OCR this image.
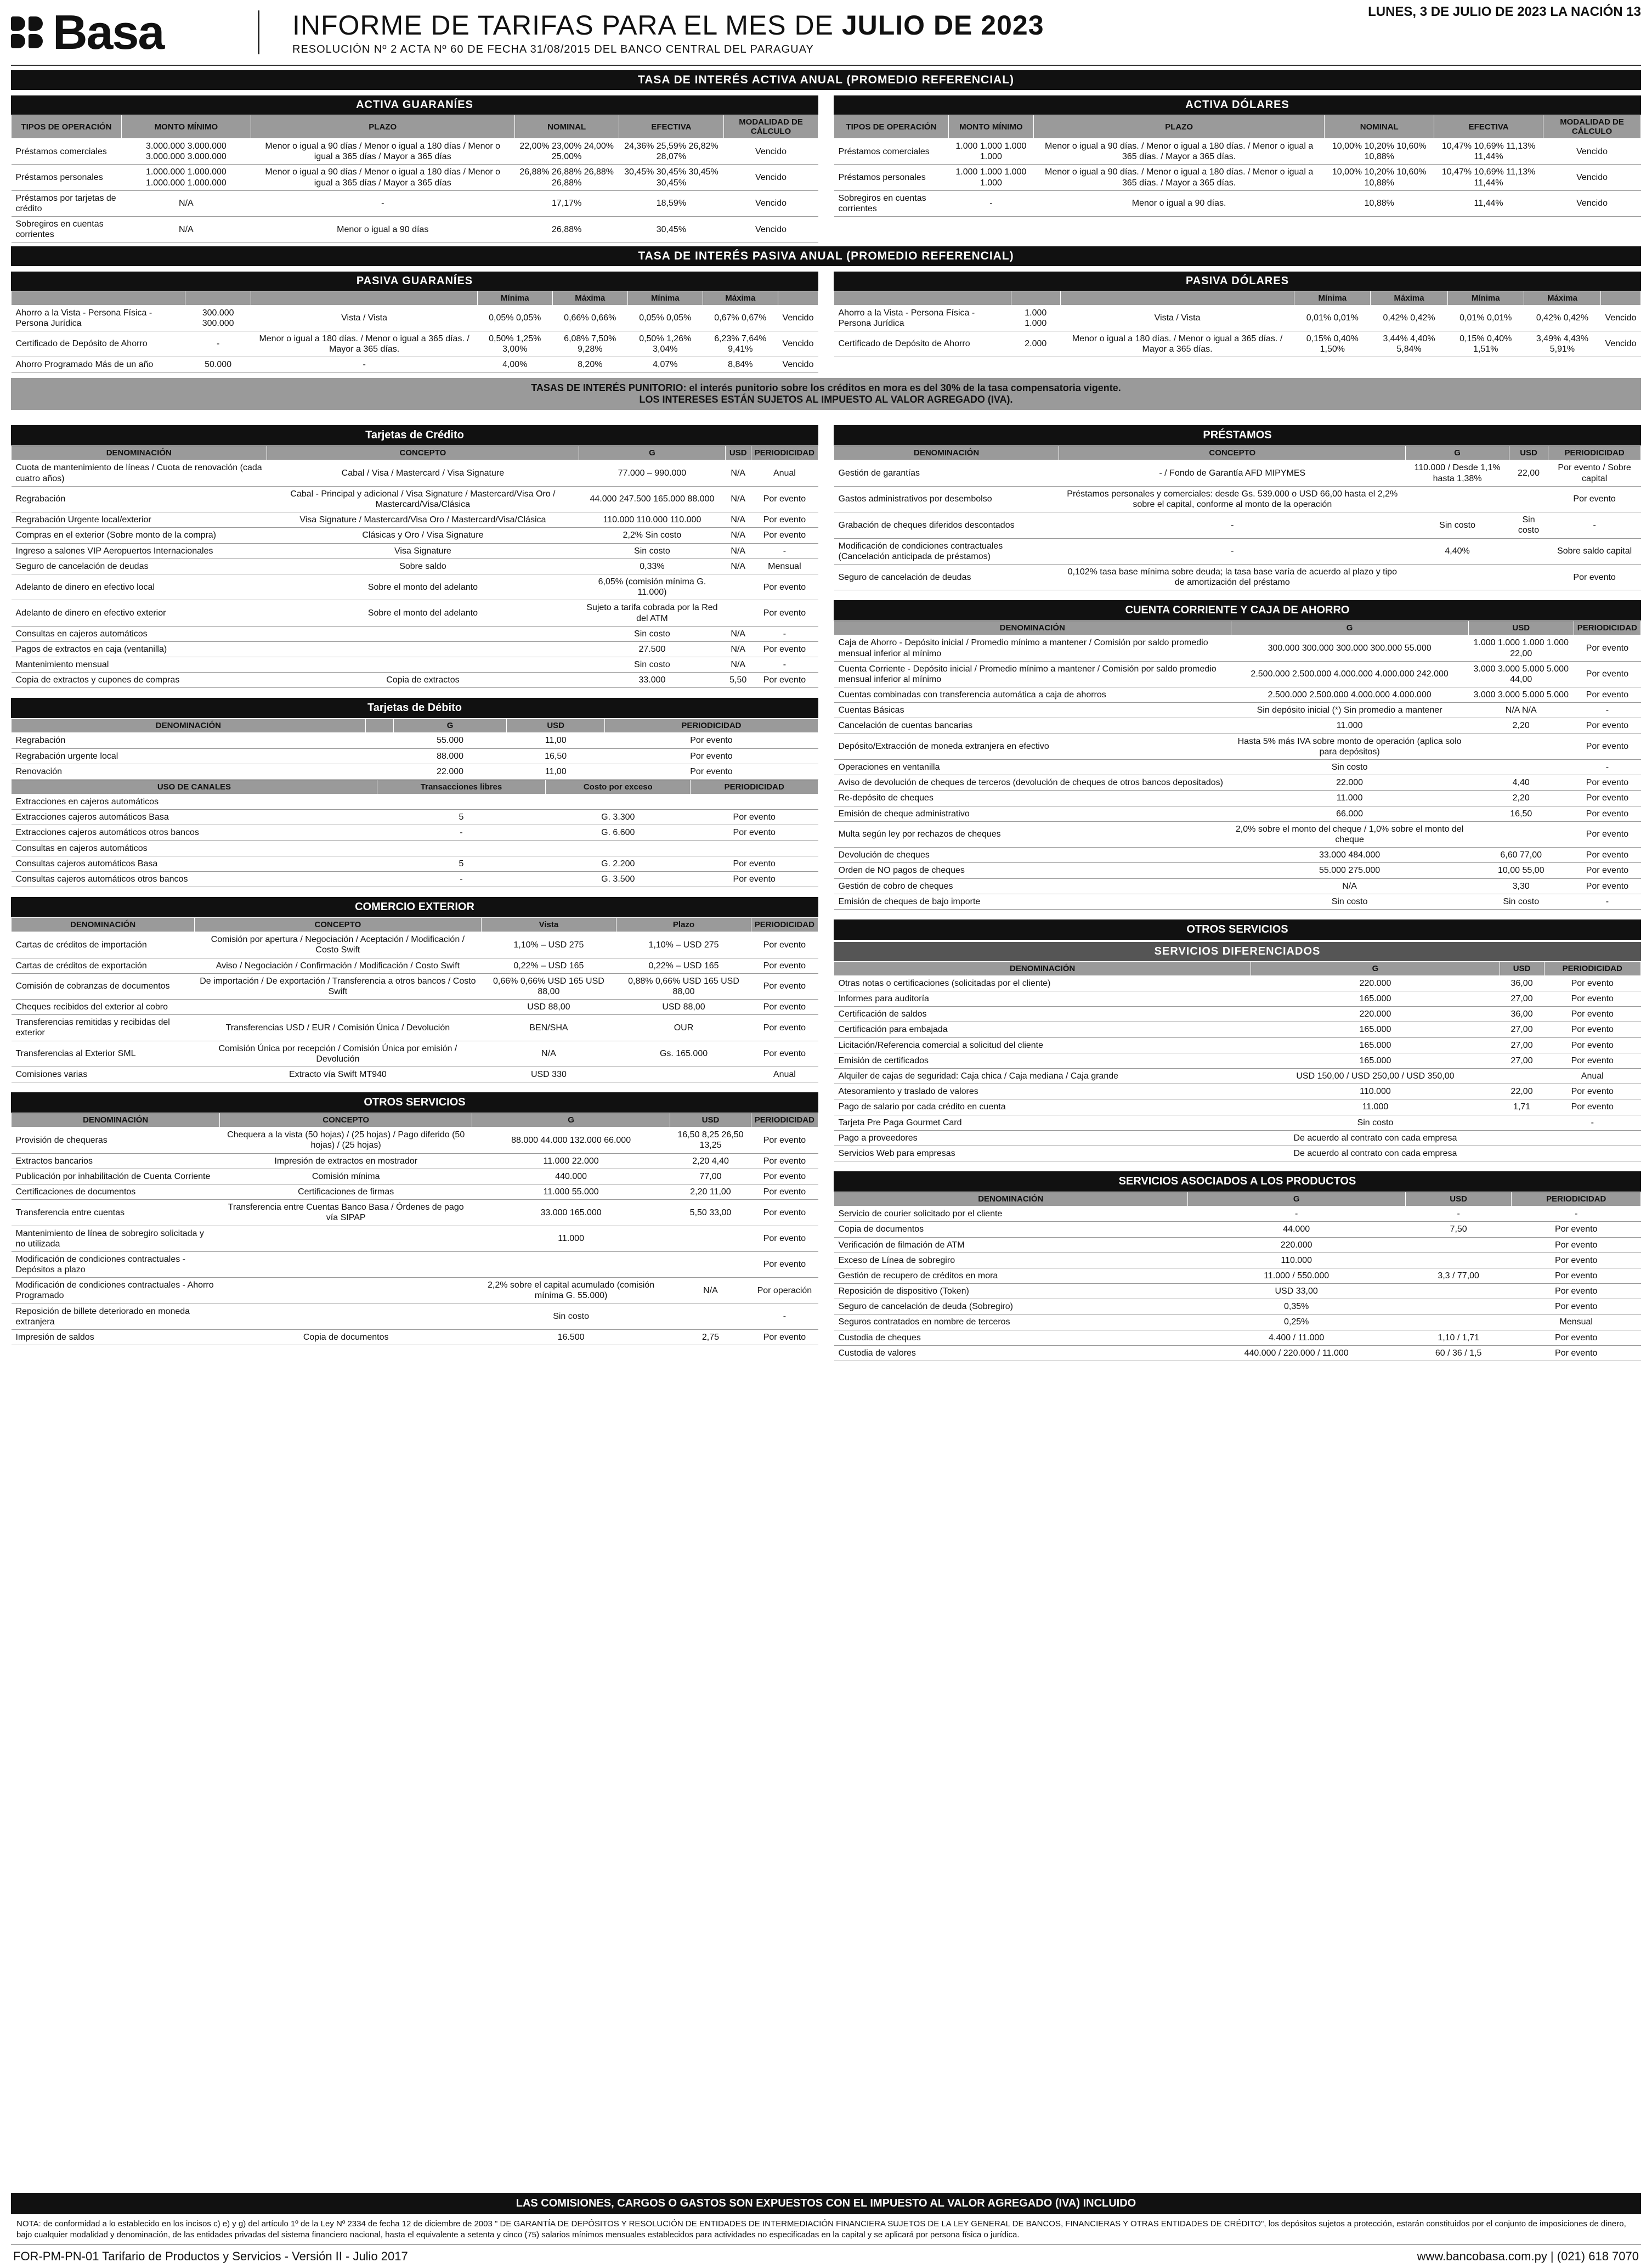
Basa	INFORME DE TARIFAS PARA EL MES DE JULIO DE 2023
RESOLUCIÓN Nº 2 ACTA Nº 60 DE FECHA 31/08/2015 DEL BANCO CENTRAL DEL PARAGUAY
LUNES, 3 DE JULIO DE 2023 LA NACIÓN 13
TASA DE INTERÉS ACTIVA ANUAL (PROMEDIO REFERENCIAL)
ACTIVA GUARANÍES
TIPOS DE OPERACIÓN	MONTO MÍNIMO	PLAZO	NOMINAL	EFECTIVA	MODALIDAD DE CÁLCULO
Préstamos comerciales	3.000.000 3.000.000 3.000.000 3.000.000	Menor o igual a 90 días / Menor o igual a 180 días / Menor o igual a 365 días / Mayor a 365 días	22,00% 23,00% 24,00% 25,00%	24,36% 25,59% 26,82% 28,07%	Vencido
Préstamos personales	1.000.000 1.000.000 1.000.000 1.000.000	Menor o igual a 90 días / Menor o igual a 180 días / Menor o igual a 365 días / Mayor a 365 días	26,88% 26,88% 26,88% 26,88%	30,45% 30,45% 30,45% 30,45%	Vencido
Préstamos por tarjetas de crédito	N/A	-	17,17%	18,59%	Vencido
Sobregiros en cuentas corrientes	N/A	Menor o igual a 90 días	26,88%	30,45%	Vencido
ACTIVA DÓLARES
TIPOS DE OPERACIÓN	MONTO MÍNIMO	PLAZO	NOMINAL	EFECTIVA	MODALIDAD DE CÁLCULO
Préstamos comerciales	1.000 1.000 1.000 1.000	Menor o igual a 90 días. / Menor o igual a 180 días. / Menor o igual a 365 días. / Mayor a 365 días.	10,00% 10,20% 10,60% 10,88%	10,47% 10,69% 11,13% 11,44%	Vencido
Préstamos personales	1.000 1.000 1.000 1.000	Menor o igual a 90 días. / Menor o igual a 180 días. / Menor o igual a 365 días. / Mayor a 365 días.	10,00% 10,20% 10,60% 10,88%	10,47% 10,69% 11,13% 11,44%	Vencido
Sobregiros en cuentas corrientes	-	Menor o igual a 90 días.	10,88%	11,44%	Vencido
TASA DE INTERÉS PASIVA ANUAL (PROMEDIO REFERENCIAL)
PASIVA GUARANÍES
			Mínima	Máxima	Mínima	Máxima	
Ahorro a la Vista - Persona Física - Persona Jurídica	300.000 300.000	Vista / Vista	0,05% 0,05%	0,66% 0,66%	0,05% 0,05%	0,67% 0,67%	Vencido
Certificado de Depósito de Ahorro	-	Menor o igual a 180 días. / Menor o igual a 365 días. / Mayor a 365 días.	0,50% 1,25% 3,00%	6,08% 7,50% 9,28%	0,50% 1,26% 3,04%	6,23% 7,64% 9,41%	Vencido
Ahorro Programado Más de un año	50.000	-	4,00%	8,20%	4,07%	8,84%	Vencido
PASIVA DÓLARES
			Mínima	Máxima	Mínima	Máxima	
Ahorro a la Vista - Persona Física - Persona Jurídica	1.000 1.000	Vista / Vista	0,01% 0,01%	0,42% 0,42%	0,01% 0,01%	0,42% 0,42%	Vencido
Certificado de Depósito de Ahorro	2.000	Menor o igual a 180 días. / Menor o igual a 365 días. / Mayor a 365 días.	0,15% 0,40% 1,50%	3,44% 4,40% 5,84%	0,15% 0,40% 1,51%	3,49% 4,43% 5,91%	Vencido
TASAS DE INTERÉS PUNITORIO: el interés punitorio sobre los créditos en mora es del 30% de la tasa compensatoria vigente.
LOS INTERESES ESTÁN SUJETOS AL IMPUESTO AL VALOR AGREGADO (IVA).
Tarjetas de Crédito
DENOMINACIÓN	CONCEPTO	G	USD	PERIODICIDAD
Cuota de mantenimiento de líneas / Cuota de renovación (cada cuatro años)	Cabal / Visa / Mastercard / Visa Signature	77.000 – 990.000	N/A	Anual
Regrabación	Cabal - Principal y adicional / Visa Signature / Mastercard/Visa Oro / Mastercard/Visa/Clásica	44.000 247.500 165.000 88.000	N/A	Por evento
Regrabación Urgente local/exterior	Visa Signature / Mastercard/Visa Oro / Mastercard/Visa/Clásica	110.000 110.000 110.000	N/A	Por evento
Compras en el exterior (Sobre monto de la compra)	Clásicas y Oro / Visa Signature	2,2% Sin costo	N/A	Por evento
Ingreso a salones VIP Aeropuertos Internacionales	Visa Signature	Sin costo	N/A	-
Seguro de cancelación de deudas	Sobre saldo	0,33%	N/A	Mensual
Adelanto de dinero en efectivo local	Sobre el monto del adelanto	6,05% (comisión mínima G. 11.000)		Por evento
Adelanto de dinero en efectivo exterior	Sobre el monto del adelanto	Sujeto a tarifa cobrada por la Red del ATM		Por evento
Consultas en cajeros automáticos		Sin costo	N/A	-
Pagos de extractos en caja (ventanilla)		27.500	N/A	Por evento
Mantenimiento mensual		Sin costo	N/A	-
Copia de extractos y cupones de compras	Copia de extractos	33.000	5,50	Por evento
Tarjetas de Débito
DENOMINACIÓN		G	USD	PERIODICIDAD
Regrabación		55.000	11,00	Por evento
Regrabación urgente local		88.000	16,50	Por evento
Renovación		22.000	11,00	Por evento
USO DE CANALES	Transacciones libres	Costo por exceso	PERIODICIDAD
Extracciones en cajeros automáticos			
Extracciones cajeros automáticos Basa	5	G. 3.300	Por evento
Extracciones cajeros automáticos otros bancos	-	G. 6.600	Por evento
Consultas en cajeros automáticos			
Consultas cajeros automáticos Basa	5	G. 2.200	Por evento
Consultas cajeros automáticos otros bancos	-	G. 3.500	Por evento
COMERCIO EXTERIOR
DENOMINACIÓN	CONCEPTO	Vista	Plazo	PERIODICIDAD
Cartas de créditos de importación	Comisión por apertura / Negociación / Aceptación / Modificación / Costo Swift	1,10% – USD 275	1,10% – USD 275	Por evento
Cartas de créditos de exportación	Aviso / Negociación / Confirmación / Modificación / Costo Swift	0,22% – USD 165	0,22% – USD 165	Por evento
Comisión de cobranzas de documentos	De importación / De exportación / Transferencia a otros bancos / Costo Swift	0,66% 0,66% USD 165 USD 88,00	0,88% 0,66% USD 165 USD 88,00	Por evento
Cheques recibidos del exterior al cobro		USD 88,00	USD 88,00	Por evento
Transferencias remitidas y recibidas del exterior	Transferencias USD / EUR / Comisión Única / Devolución	BEN/SHA	OUR	Por evento
Transferencias al Exterior SML	Comisión Única por recepción / Comisión Única por emisión / Devolución	N/A	Gs. 165.000	Por evento
Comisiones varias	Extracto vía Swift MT940	USD 330		Anual
OTROS SERVICIOS
DENOMINACIÓN	CONCEPTO	G	USD	PERIODICIDAD
Provisión de chequeras	Chequera a la vista (50 hojas) / (25 hojas) / Pago diferido (50 hojas) / (25 hojas)	88.000 44.000 132.000 66.000	16,50 8,25 26,50 13,25	Por evento
Extractos bancarios	Impresión de extractos en mostrador	11.000 22.000	2,20 4,40	Por evento
Publicación por inhabilitación de Cuenta Corriente	Comisión mínima	440.000	77,00	Por evento
Certificaciones de documentos	Certificaciones de firmas	11.000 55.000	2,20 11,00	Por evento
Transferencia entre cuentas	Transferencia entre Cuentas Banco Basa / Órdenes de pago vía SIPAP	33.000 165.000	5,50 33,00	Por evento
Mantenimiento de línea de sobregiro solicitada y no utilizada		11.000		Por evento
Modificación de condiciones contractuales - Depósitos a plazo				Por evento
Modificación de condiciones contractuales - Ahorro Programado		2,2% sobre el capital acumulado (comisión mínima G. 55.000)	N/A	Por operación
Reposición de billete deteriorado en moneda extranjera		Sin costo		-
Impresión de saldos	Copia de documentos	16.500	2,75	Por evento
PRÉSTAMOS
DENOMINACIÓN	CONCEPTO	G	USD	PERIODICIDAD
Gestión de garantías	- / Fondo de Garantía AFD MIPYMES	110.000 / Desde 1,1% hasta 1,38%	22,00	Por evento / Sobre capital
Gastos administrativos por desembolso	Préstamos personales y comerciales: desde Gs. 539.000 o USD 66,00 hasta el 2,2% sobre el capital, conforme al monto de la operación			Por evento
Grabación de cheques diferidos descontados	-	Sin costo	Sin costo	-
Modificación de condiciones contractuales (Cancelación anticipada de préstamos)	-	4,40%		Sobre saldo capital
Seguro de cancelación de deudas	0,102% tasa base mínima sobre deuda; la tasa base varía de acuerdo al plazo y tipo de amortización del préstamo			Por evento
CUENTA CORRIENTE Y CAJA DE AHORRO
DENOMINACIÓN	G	USD	PERIODICIDAD
Caja de Ahorro - Depósito inicial / Promedio mínimo a mantener / Comisión por saldo promedio mensual inferior al mínimo	300.000 300.000 300.000 300.000 55.000	1.000 1.000 1.000 1.000 22,00	Por evento
Cuenta Corriente - Depósito inicial / Promedio mínimo a mantener / Comisión por saldo promedio mensual inferior al mínimo	2.500.000 2.500.000 4.000.000 4.000.000 242.000	3.000 3.000 5.000 5.000 44,00	Por evento
Cuentas combinadas con transferencia automática a caja de ahorros	2.500.000 2.500.000 4.000.000 4.000.000	3.000 3.000 5.000 5.000	Por evento
Cuentas Básicas	Sin depósito inicial (*) Sin promedio a mantener	N/A N/A	-
Cancelación de cuentas bancarias	11.000	2,20	Por evento
Depósito/Extracción de moneda extranjera en efectivo	Hasta 5% más IVA sobre monto de operación (aplica solo para depósitos)		Por evento
Operaciones en ventanilla	Sin costo		-
Aviso de devolución de cheques de terceros (devolución de cheques de otros bancos depositados)	22.000	4,40	Por evento
Re-depósito de cheques	11.000	2,20	Por evento
Emisión de cheque administrativo	66.000	16,50	Por evento
Multa según ley por rechazos de cheques	2,0% sobre el monto del cheque / 1,0% sobre el monto del cheque		Por evento
Devolución de cheques	33.000 484.000	6,60 77,00	Por evento
Orden de NO pagos de cheques	55.000 275.000	10,00 55,00	Por evento
Gestión de cobro de cheques	N/A	3,30	Por evento
Emisión de cheques de bajo importe	Sin costo	Sin costo	-
OTROS SERVICIOS
SERVICIOS DIFERENCIADOS
DENOMINACIÓN	G	USD	PERIODICIDAD
Otras notas o certificaciones (solicitadas por el cliente)	220.000	36,00	Por evento
Informes para auditoría	165.000	27,00	Por evento
Certificación de saldos	220.000	36,00	Por evento
Certificación para embajada	165.000	27,00	Por evento
Licitación/Referencia comercial a solicitud del cliente	165.000	27,00	Por evento
Emisión de certificados	165.000	27,00	Por evento
Alquiler de cajas de seguridad: Caja chica / Caja mediana / Caja grande	USD 150,00 / USD 250,00 / USD 350,00		Anual
Atesoramiento y traslado de valores	110.000	22,00	Por evento
Pago de salario por cada crédito en cuenta	11.000	1,71	Por evento
Tarjeta Pre Paga Gourmet Card	Sin costo		-
Pago a proveedores	De acuerdo al contrato con cada empresa		
Servicios Web para empresas	De acuerdo al contrato con cada empresa		
SERVICIOS ASOCIADOS A LOS PRODUCTOS
DENOMINACIÓN	G	USD	PERIODICIDAD
Servicio de courier solicitado por el cliente	-	-	-
Copia de documentos	44.000	7,50	Por evento
Verificación de filmación de ATM	220.000		Por evento
Exceso de Línea de sobregiro	110.000		Por evento
Gestión de recupero de créditos en mora	11.000 / 550.000	3,3 / 77,00	Por evento
Reposición de dispositivo (Token)	USD 33,00		Por evento
Seguro de cancelación de deuda (Sobregiro)	0,35%		Por evento
Seguros contratados en nombre de terceros	0,25%		Mensual
Custodia de cheques	4.400 / 11.000	1,10 / 1,71	Por evento
Custodia de valores	440.000 / 220.000 / 11.000	60 / 36 / 1,5	Por evento
LAS COMISIONES, CARGOS O GASTOS SON EXPUESTOS CON EL IMPUESTO AL VALOR AGREGADO (IVA) INCLUIDO
NOTA: de conformidad a lo establecido en los incisos c) e) y g) del artículo 1º de la Ley Nº 2334 de fecha 12 de diciembre de 2003 " DE GARANTÍA DE DEPÓSITOS Y RESOLUCIÓN DE ENTIDADES DE INTERMEDIACIÓN FINANCIERA SUJETOS DE LA LEY GENERAL DE BANCOS, FINANCIERAS Y OTRAS ENTIDADES DE CRÉDITO", los depósitos sujetos a protección, estarán constituidos por el conjunto de imposiciones de dinero, bajo cualquier modalidad y denominación, de las entidades privadas del sistema financiero nacional, hasta el equivalente a setenta y cinco (75) salarios mínimos mensuales establecidos para actividades no especificadas en la capital y se aplicará por persona física o jurídica.
FOR-PM-PN-01 Tarifario de Productos y Servicios - Versión II - Julio 2017	www.bancobasa.com.py | (021) 618 7070
